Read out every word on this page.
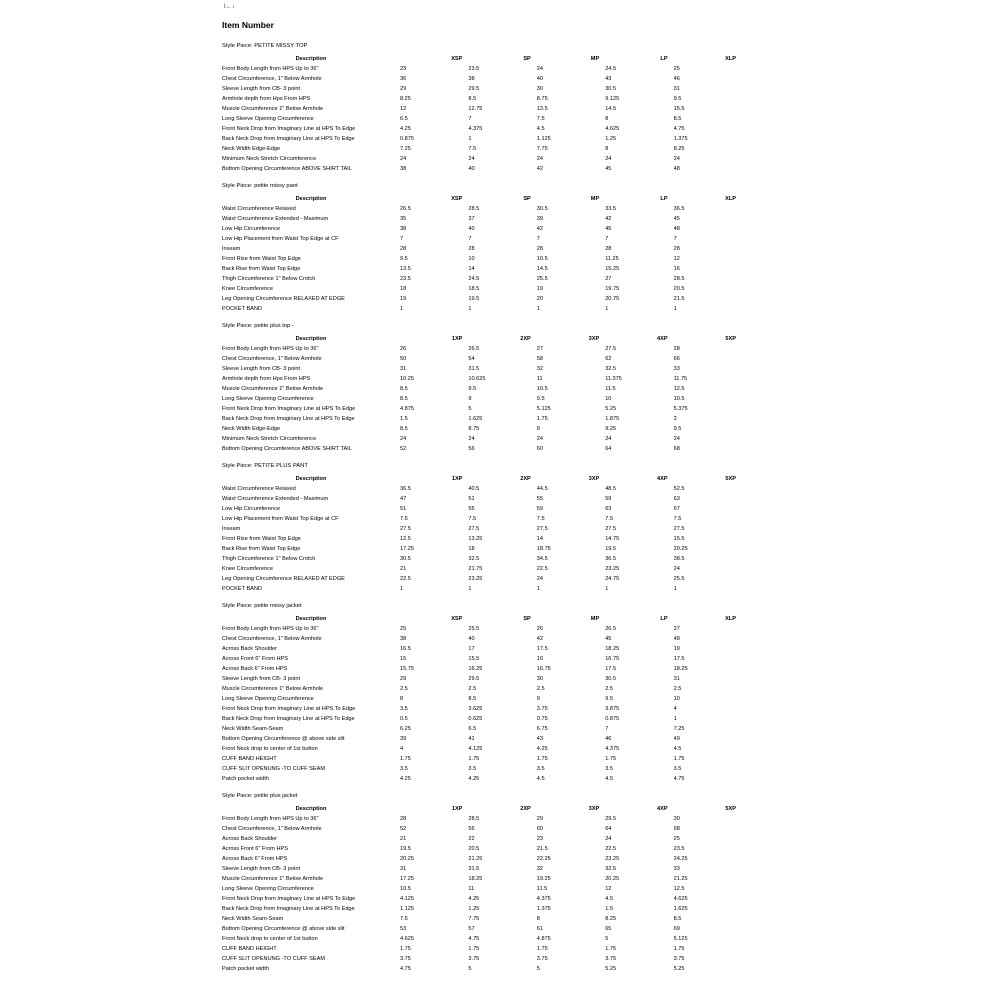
I←↓
Item Number
Style Piece: PETITE MISSY TOP
Description	XSP	SP	MP	LP	XLP
Front Body Length from HPS Up to 36"	23	23.5	24	24.5	25
Chest Circumference, 1" Below Armhole	36	38	40	43	46
Sleeve Length from CB- 3 point	29	29.5	30	30.5	31
Armhole depth from Hps From HPS	8.25	8.5	8.75	9.125	9.5
Muscle Circumference 1" Below Armhole	12	12.75	13.5	14.5	15.5
Long Sleeve Opening Circumference	6.5	7	7.5	8	8.5
Front Neck Drop from Imaginary Line at HPS To Edge	4.25	4.375	4.5	4.625	4.75
Back Neck Drop from Imaginary Line at HPS To Edge	0.875	1	1.125	1.25	1.375
Neck Width Edge-Edge	7.25	7.5	7.75	8	8.25
Minimum Neck Stretch Circumference	24	24	24	24	24
Bottom Opening Circumference ABOVE SHIRT TAIL	38	40	42	45	48
Style Piece: petite missy pant
Description	XSP	SP	MP	LP	XLP
Waist Circumference Relaxed	26.5	28.5	30.5	33.5	36.5
Waist Circumference Extended - Maximum	35	37	39	42	45
Low Hip Circumference	38	40	42	45	48
Low Hip Placement from Waist Top Edge at CF	7	7	7	7	7
Inseam	28	28	28	28	28
Front Rise from Waist Top Edge	9.5	10	10.5	11.25	12
Back Rise from Waist Top Edge	13.5	14	14.5	15.25	16
Thigh Circumference 1" Below Crotch	23.5	24.5	25.5	27	28.5
Knee Circumference	18	18.5	19	19.75	20.5
Leg Opening Circumference RELAXED AT EDGE	19	19.5	20	20.75	21.5
POCKET BAND	1	1	1	1	1
Style Piece: petite plus top -
Description	1XP	2XP	3XP	4XP	5XP
Front Body Length from HPS Up to 36"	26	26.5	27	27.5	28
Chest Circumference, 1" Below Armhole	50	54	58	62	66
Sleeve Length from CB- 3 point	31	31.5	32	32.5	33
Armhole depth from Hps From HPS	10.25	10.625	11	11.375	11.75
Muscle Circumference 1" Below Armhole	8.5	9.5	10.5	11.5	12.5
Long Sleeve Opening Circumference	8.5	9	9.5	10	10.5
Front Neck Drop from Imaginary Line at HPS To Edge	4.875	5	5.125	5.25	5.375
Back Neck Drop from Imaginary Line at HPS To Edge	1.5	1.625	1.75	1.875	2
Neck Width Edge-Edge	8.5	8.75	9	9.25	9.5
Minimum Neck Stretch Circumference	24	24	24	24	24
Bottom Opening Circumference ABOVE SHIRT TAIL	52	56	60	64	68
Style Piece: PETITE PLUS PANT
Description	1XP	2XP	3XP	4XP	5XP
Waist Circumference Relaxed	36.5	40.5	44.5	48.5	52.5
Waist Circumference Extended - Maximum	47	51	55	59	63
Low Hip Circumference	51	55	59	63	67
Low Hip Placement from Waist Top Edge at CF	7.5	7.5	7.5	7.5	7.5
Inseam	27.5	27.5	27.5	27.5	27.5
Front Rise from Waist Top Edge	12.5	13.25	14	14.75	15.5
Back Rise from Waist Top Edge	17.25	18	18.75	19.5	20.25
Thigh Circumference 1" Below Crotch	30.5	32.5	34.5	36.5	38.5
Knee Circumference	21	21.75	22.5	23.25	24
Leg Opening Circumference RELAXED AT EDGE	22.5	23.25	24	24.75	25.5
POCKET BAND	1	1	1	1	1
Style Piece: petite missy jacket
Description	XSP	SP	MP	LP	XLP
Front Body Length from HPS Up to 36"	25	25.5	26	26.5	27
Chest Circumference, 1" Below Armhole	38	40	42	45	48
Across Back Shoulder	16.5	17	17.5	18.25	19
Across Front 6" From HPS	15	15.5	16	16.75	17.5
Across Back 6" From HPS	15.75	16.25	16.75	17.5	18.25
Sleeve Length from CB- 3 point	29	29.5	30	30.5	31
Muscle Circumference 1" Below Armhole	2.5	2.5	2.5	2.5	2.5
Long Sleeve Opening Circumference	8	8.5	9	9.5	10
Front Neck Drop from Imaginary Line at HPS To Edge	3.5	3.625	3.75	3.875	4
Back Neck Drop from Imaginary Line at HPS To Edge	0.5	0.625	0.75	0.875	1
Neck Width Seam-Seam	6.25	6.5	6.75	7	7.25
Bottom Opening Circumference @ above side slit	39	41	43	46	49
Front Neck drop to center of 1st button	4	4.125	4.25	4.375	4.5
CUFF BAND HEIGHT	1.75	1.75	1.75	1.75	1.75
CUFF SLIT OPENUNG -TO CUFF SEAM	3.5	3.5	3.5	3.5	3.5
Patch pocket width	4.25	4.25	4.5	4.5	4.75
Style Piece: petite plus jacket
Description	1XP	2XP	3XP	4XP	5XP
Front Body Length from HPS Up to 36"	28	28.5	29	29.5	30
Chest Circumference, 1" Below Armhole	52	56	60	64	68
Across Back Shoulder	21	22	23	24	25
Across Front 6" From HPS	19.5	20.5	21.5	22.5	23.5
Across Back 6" From HPS	20.25	21.25	22.25	23.25	24.25
Sleeve Length from CB- 3 point	31	31.5	32	32.5	33
Muscle Circumference 1" Below Armhole	17.25	18.25	19.25	20.25	21.25
Long Sleeve Opening Circumference	10.5	11	11.5	12	12.5
Front Neck Drop from Imaginary Line at HPS To Edge	4.125	4.25	4.375	4.5	4.625
Back Neck Drop from Imaginary Line at HPS To Edge	1.125	1.25	1.375	1.5	1.625
Neck Width Seam-Seam	7.5	7.75	8	8.25	8.5
Bottom Opening Circumference @ above side slit	53	57	61	65	69
Front Neck drop to center of 1st button	4.625	4.75	4.875	5	5.125
CUFF BAND HEIGHT	1.75	1.75	1.75	1.75	1.75
CUFF SLIT OPENUNG -TO CUFF SEAM	3.75	3.75	3.75	3.75	3.75
Patch pocket width	4.75	5	5	5.25	5.25
